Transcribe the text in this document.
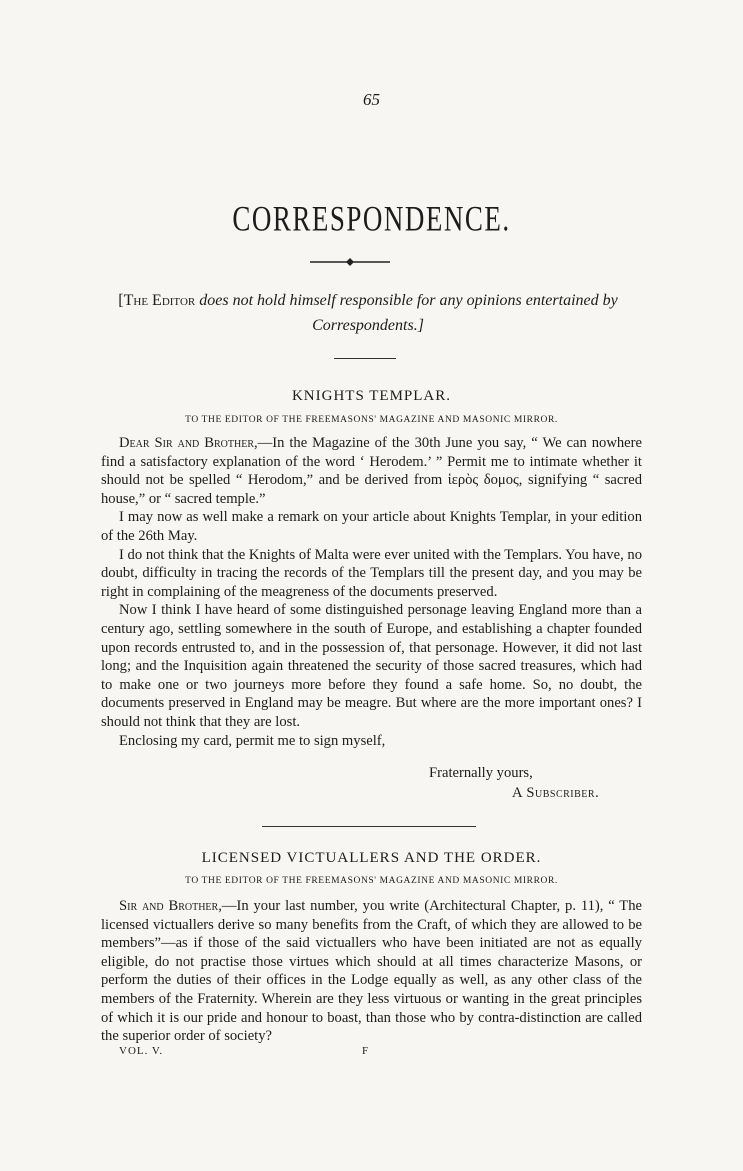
65
CORRESPONDENCE.
[The Editor does not hold himself responsible for any opinions entertained by Correspondents.]
KNIGHTS TEMPLAR.
TO THE EDITOR OF THE FREEMASONS' MAGAZINE AND MASONIC MIRROR.

Dear Sir and Brother,—In the Magazine of the 30th June you say, “ We can nowhere find a satisfactory explanation of the word ‘ Herodem.’ ” Permit me to intimate whether it should not be spelled “ Herodom,” and be derived from ἱερὸς δομος, signifying “ sacred house,” or “ sacred temple.”

I may now as well make a remark on your article about Knights Templar, in your edition of the 26th May.

I do not think that the Knights of Malta were ever united with the Templars. You have, no doubt, difficulty in tracing the records of the Templars till the present day, and you may be right in complaining of the meagreness of the documents preserved.

Now I think I have heard of some distinguished personage leaving England more than a century ago, settling somewhere in the south of Europe, and establishing a chapter founded upon records entrusted to, and in the possession of, that personage. However, it did not last long; and the Inquisition again threatened the security of those sacred treasures, which had to make one or two journeys more before they found a safe home. So, no doubt, the documents preserved in England may be meagre. But where are the more important ones? I should not think that they are lost.

Enclosing my card, permit me to sign myself,

Fraternally yours,
A Subscriber.
LICENSED VICTUALLERS AND THE ORDER.
TO THE EDITOR OF THE FREEMASONS' MAGAZINE AND MASONIC MIRROR.

Sir and Brother,—In your last number, you write (Architectural Chapter, p. 11), “ The licensed victuallers derive so many benefits from the Craft, of which they are allowed to be members”—as if those of the said victuallers who have been initiated are not as equally eligible, do not practise those virtues which should at all times characterize Masons, or perform the duties of their offices in the Lodge equally as well, as any other class of the members of the Fraternity. Wherein are they less virtuous or wanting in the great principles of which it is our pride and honour to boast, than those who by contra-distinction are called the superior order of society?

VOL. V.	F
